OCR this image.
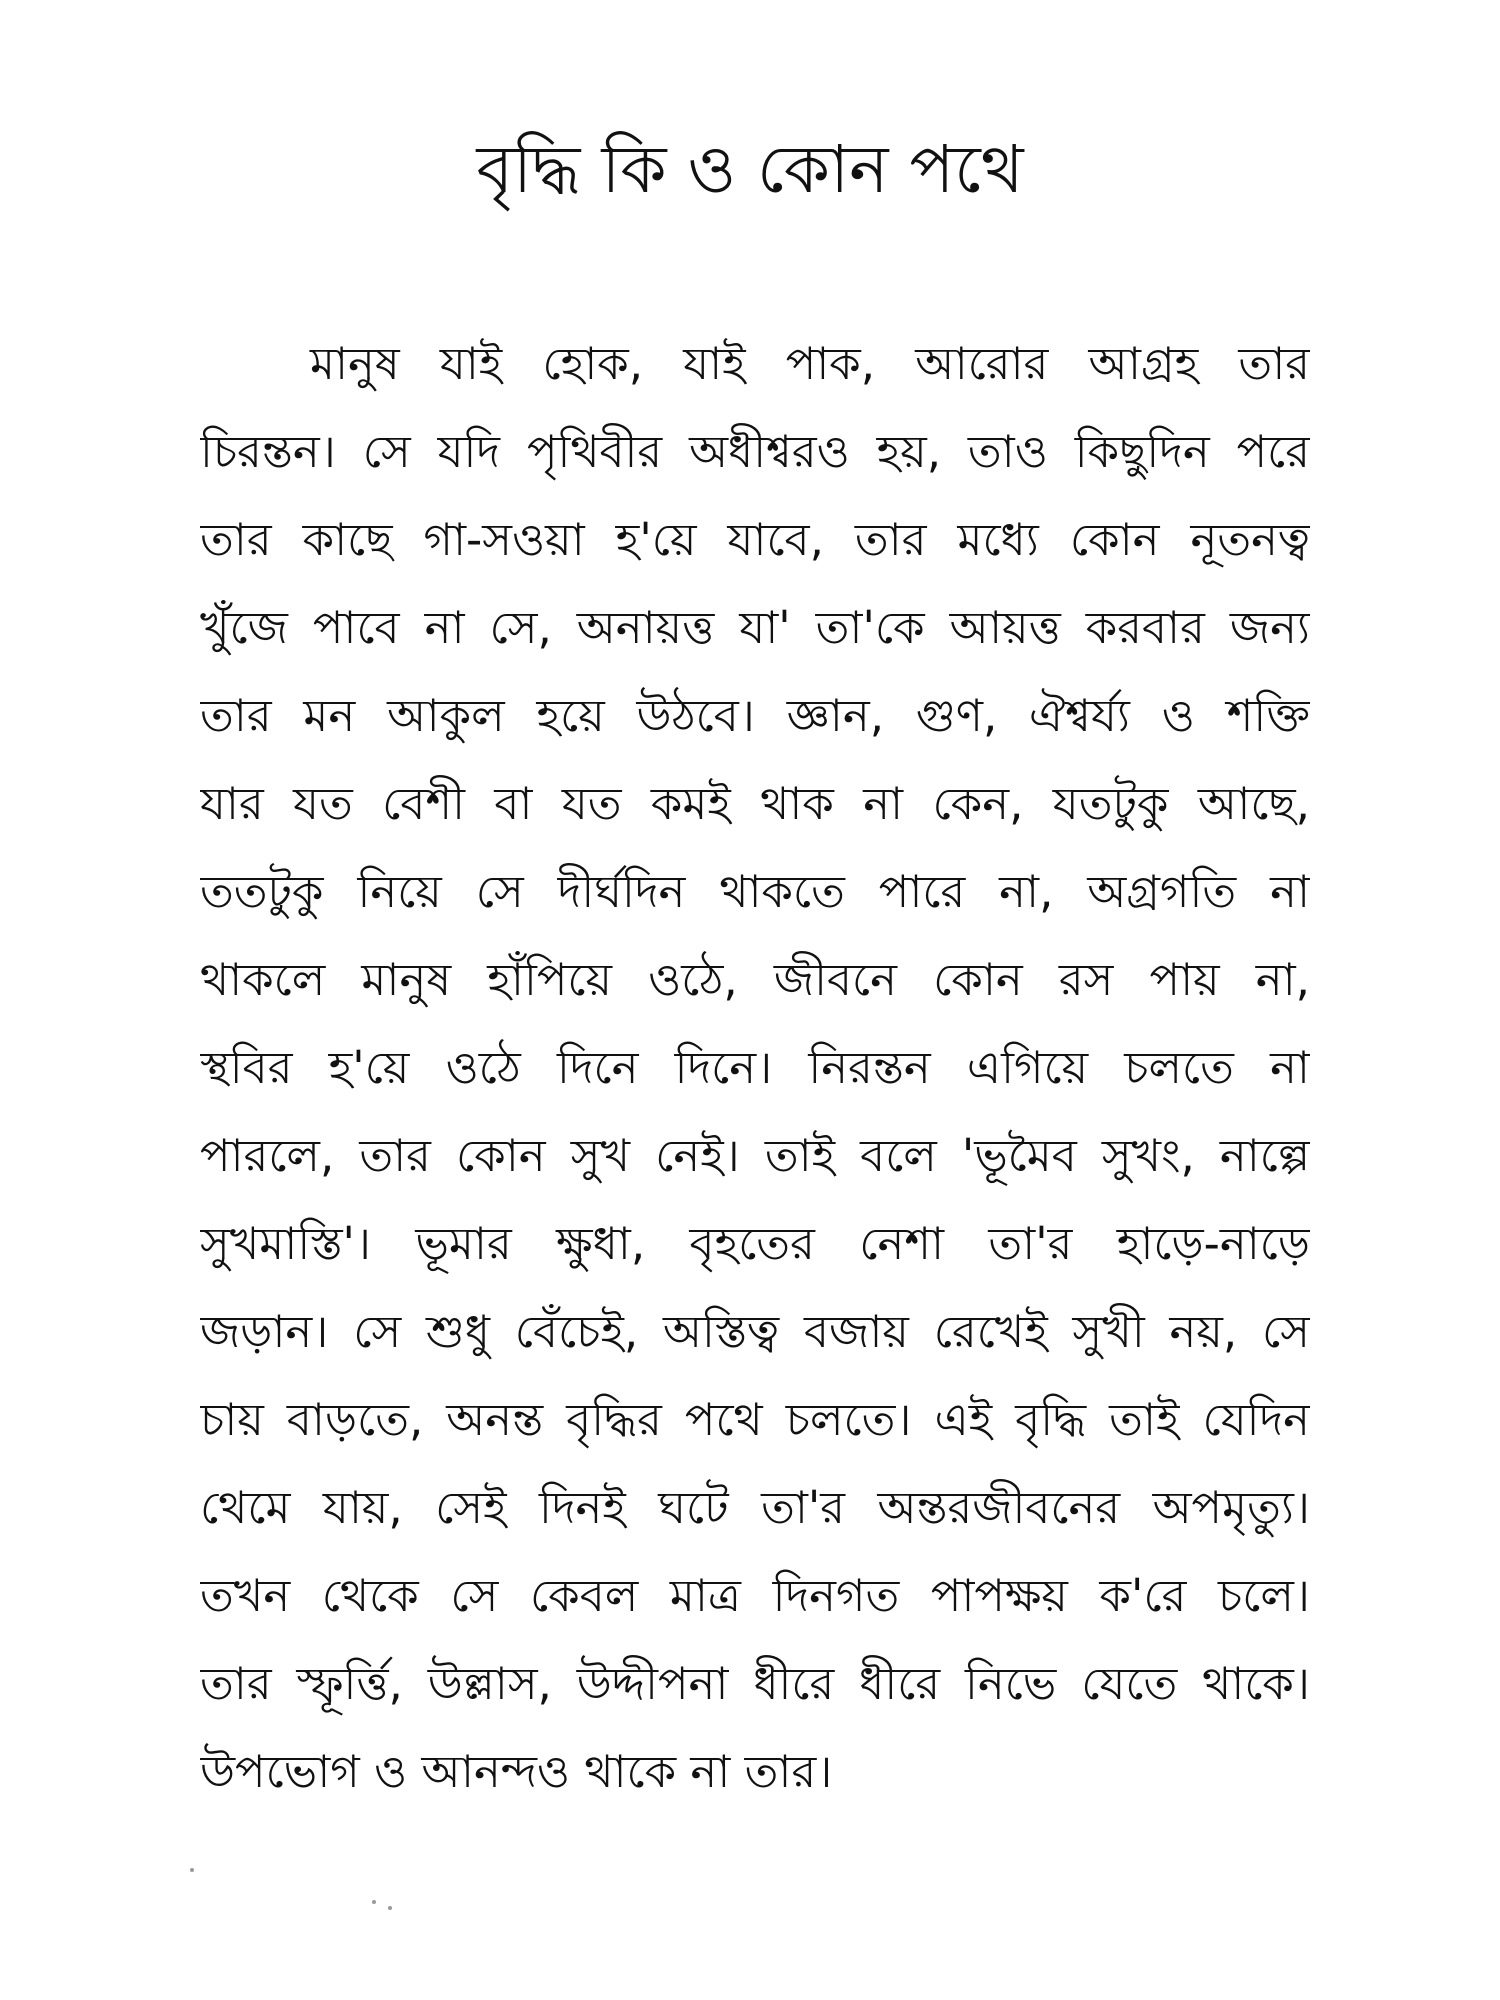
বৃদ্ধি কি ও কোন পথে
মানুষ যাই হোক, যাই পাক, আরোর আগ্রহ তার
চিরন্তন। সে যদি পৃথিবীর অধীশ্বরও হয়, তাও কিছুদিন পরে
তার কাছে গা-সওয়া হ'য়ে যাবে, তার মধ্যে কোন নূতনত্ব
খুঁজে পাবে না সে, অনায়ত্ত যা' তা'কে আয়ত্ত করবার জন্য
তার মন আকুল হয়ে উঠবে। জ্ঞান, গুণ, ঐশ্বর্য্য ও শক্তি
যার যত বেশী বা যত কমই থাক না কেন, যতটুকু আছে,
ততটুকু নিয়ে সে দীর্ঘদিন থাকতে পারে না, অগ্রগতি না
থাকলে মানুষ হাঁপিয়ে ওঠে, জীবনে কোন রস পায় না,
স্থবির হ'য়ে ওঠে দিনে দিনে। নিরন্তন এগিয়ে চলতে না
পারলে, তার কোন সুখ নেই। তাই বলে 'ভূমৈব সুখং, নাল্পে
সুখমাস্তি'। ভূমার ক্ষুধা, বৃহতের নেশা তা'র হাড়ে-নাড়ে
জড়ান। সে শুধু বেঁচেই, অস্তিত্ব বজায় রেখেই সুখী নয়, সে
চায় বাড়তে, অনন্ত বৃদ্ধির পথে চলতে। এই বৃদ্ধি তাই যেদিন
থেমে যায়, সেই দিনই ঘটে তা'র অন্তরজীবনের অপমৃত্যু।
তখন থেকে সে কেবল মাত্র দিনগত পাপক্ষয় ক'রে চলে।
তার স্ফূর্ত্তি, উল্লাস, উদ্দীপনা ধীরে ধীরে নিভে যেতে থাকে।
উপভোগ ও আনন্দও থাকে না তার।
